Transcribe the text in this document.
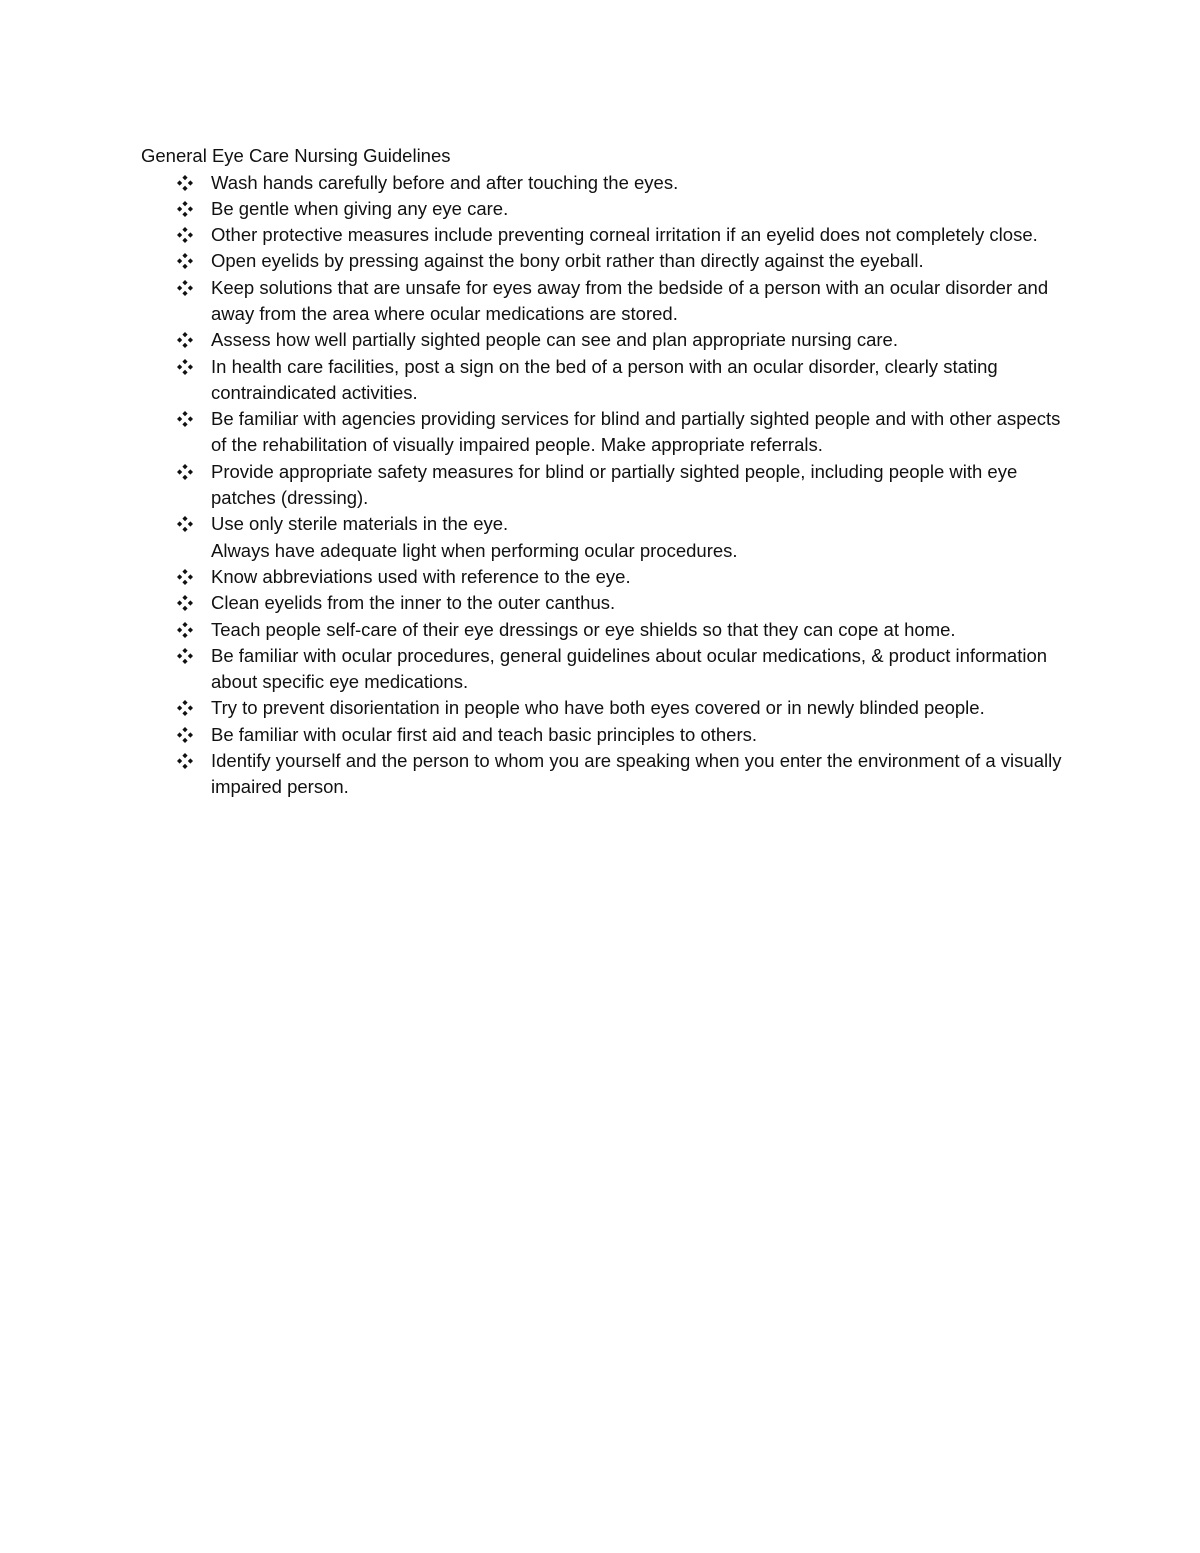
General Eye Care Nursing Guidelines
Wash hands carefully before and after touching the eyes.
Be gentle when giving any eye care.
Other protective measures include preventing corneal irritation if an eyelid does not completely close.
Open eyelids by pressing against the bony orbit rather than directly against the eyeball.
Keep solutions that are unsafe for eyes away from the bedside of a person with an ocular disorder and away from the area where ocular medications are stored.
Assess how well partially sighted people can see and plan appropriate nursing care.
In health care facilities, post a sign on the bed of a person with an ocular disorder, clearly stating contraindicated activities.
Be familiar with agencies providing services for blind and partially sighted people and with other aspects of the rehabilitation of visually impaired people. Make appropriate referrals.
Provide appropriate safety measures for blind or partially sighted people, including people with eye patches (dressing).
Use only sterile materials in the eye.
Always have adequate light when performing ocular procedures.
Know abbreviations used with reference to the eye.
Clean eyelids from the inner to the outer canthus.
Teach people self-care of their eye dressings or eye shields so that they can cope at home.
Be familiar with ocular procedures, general guidelines about ocular medications, & product information about specific eye medications.
Try to prevent disorientation in people who have both eyes covered or in newly blinded people.
Be familiar with ocular first aid and teach basic principles to others.
Identify yourself and the person to whom you are speaking when you enter the environment of a visually impaired person.
